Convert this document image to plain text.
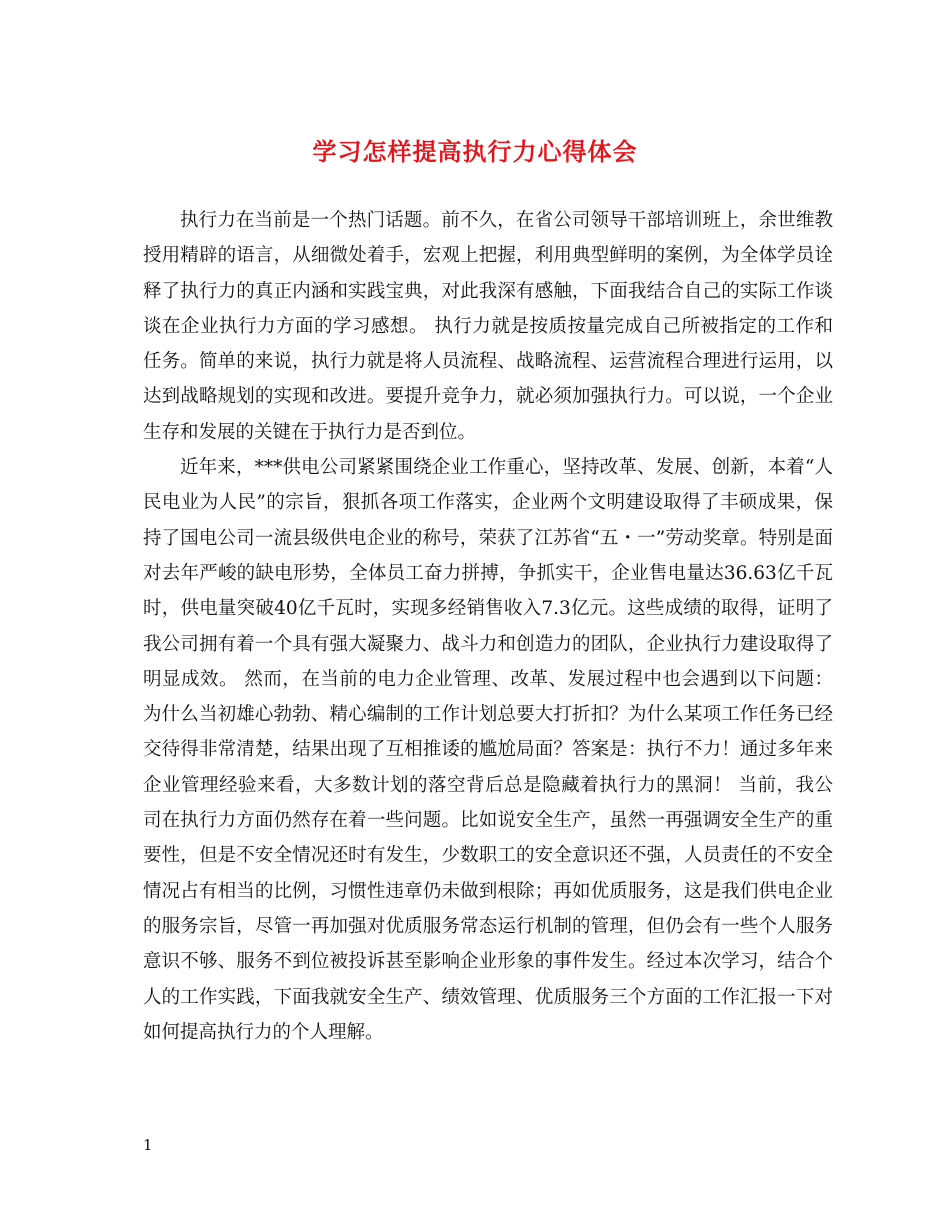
学习怎样提高执行力心得体会

执行力在当前是一个热门话题。前不久，在省公司领导干部培训班上，余世维教授用精辟的语言，从细微处着手，宏观上把握，利用典型鲜明的案例，为全体学员诠释了执行力的真正内涵和实践宝典，对此我深有感触，下面我结合自己的实际工作谈谈在企业执行力方面的学习感想。 执行力就是按质按量完成自己所被指定的工作和任务。简单的来说，执行力就是将人员流程、战略流程、运营流程合理进行运用，以达到战略规划的实现和改进。要提升竞争力，就必须加强执行力。可以说，一个企业生存和发展的关键在于执行力是否到位。

近年来，***供电公司紧紧围绕企业工作重心，坚持改革、发展、创新，本着“人民电业为人民”的宗旨，狠抓各项工作落实，企业两个文明建设取得了丰硕成果，保持了国电公司一流县级供电企业的称号，荣获了江苏省“五・一”劳动奖章。特别是面对去年严峻的缺电形势，全体员工奋力拼搏，争抓实干，企业售电量达36.63亿千瓦时，供电量突破40亿千瓦时，实现多经销售收入7.3亿元。这些成绩的取得，证明了我公司拥有着一个具有强大凝聚力、战斗力和创造力的团队，企业执行力建设取得了明显成效。 然而，在当前的电力企业管理、改革、发展过程中也会遇到以下问题：为什么当初雄心勃勃、精心编制的工作计划总要大打折扣？为什么某项工作任务已经交待得非常清楚，结果出现了互相推诿的尴尬局面？答案是：执行不力！通过多年来企业管理经验来看，大多数计划的落空背后总是隐藏着执行力的黑洞！ 当前，我公司在执行力方面仍然存在着一些问题。比如说安全生产，虽然一再强调安全生产的重要性，但是不安全情况还时有发生，少数职工的安全意识还不强，人员责任的不安全情况占有相当的比例，习惯性违章仍未做到根除；再如优质服务，这是我们供电企业的服务宗旨，尽管一再加强对优质服务常态运行机制的管理，但仍会有一些个人服务意识不够、服务不到位被投诉甚至影响企业形象的事件发生。经过本次学习，结合个人的工作实践，下面我就安全生产、绩效管理、优质服务三个方面的工作汇报一下对如何提高执行力的个人理解。

1
